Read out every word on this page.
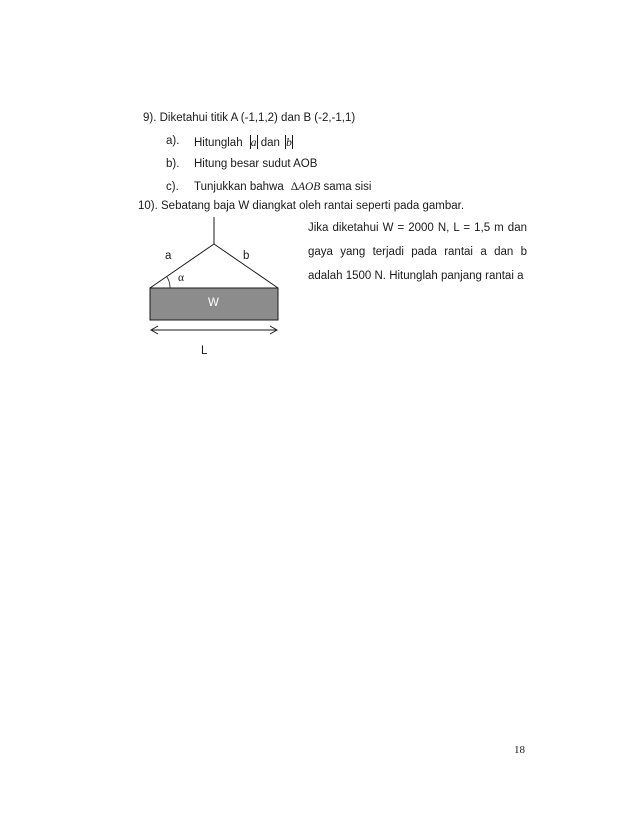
9). Diketahui titik A (-1,1,2) dan B (-2,-1,1)
a). Hitunglah a dan b
b). Hitung besar sudut AOB
c). Tunjukkan bahwa ∆AOB sama sisi
10). Sebatang baja W diangkat oleh rantai seperti pada gambar.
Jika diketahui W = 2000 N, L = 1,5 m dan gaya yang terjadi pada rantai a dan b adalah 1500 N. Hitunglah panjang rantai a
a	b
α
W
L
18
